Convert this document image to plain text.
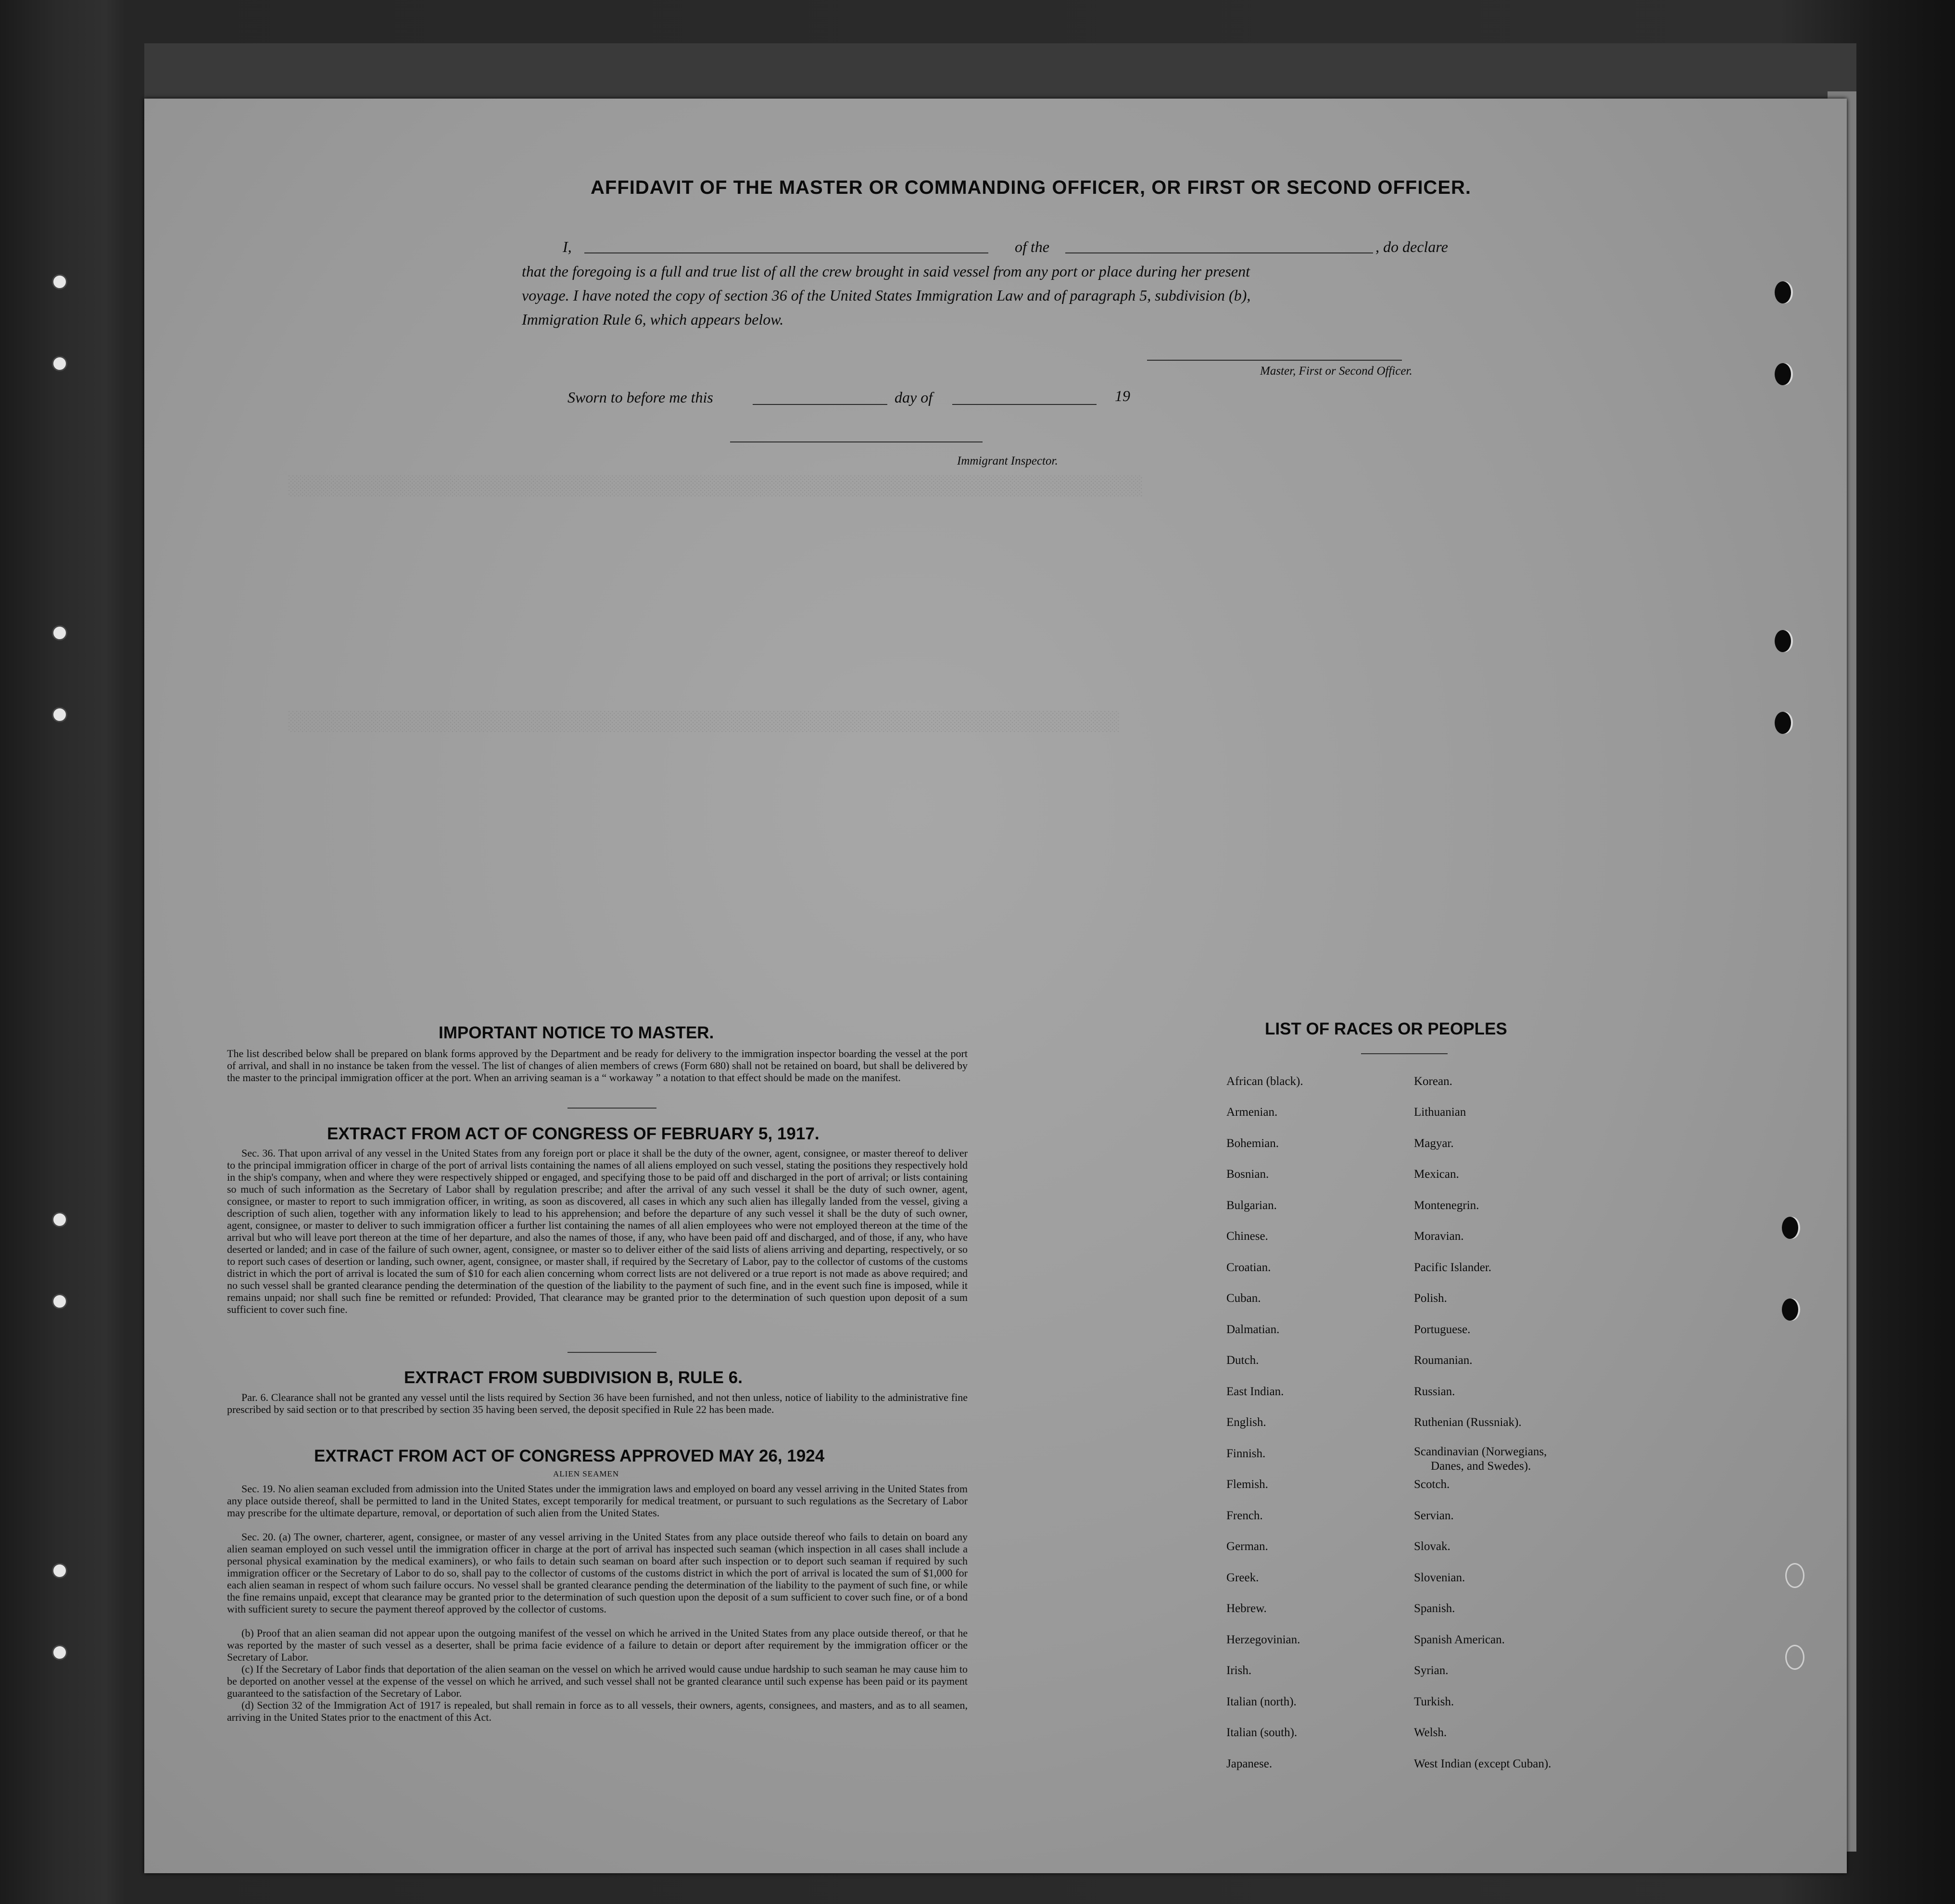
░░░░░░░░░░░░░░░░░░░░░░░░░░░░░░░░░░░░░░░░░░░░░░░░░░░░░░░░░░░░░░░░░░░░░░░░░░
░░░░░░░░░░░░░░░░░░░░░░░░░░░░░░░░░░░░░░░░░░░░░░░░░░░░░░░░░░░░░░░░░░░░░░░░
AFFIDAVIT OF THE MASTER OR COMMANDING OFFICER, OR FIRST OR SECOND OFFICER.
I,	of the	, do declare
that the foregoing is a full and true list of all the crew brought in said vessel from any port or place during her present
voyage. I have noted the copy of section 36 of the United States Immigration Law and of paragraph 5, subdivision (b),
Immigration Rule 6, which appears below.
Master, First or Second Officer.
Sworn to before me this	day of	19
Immigrant Inspector.
IMPORTANT NOTICE TO MASTER.
The list described below shall be prepared on blank forms approved by the Department and be ready for delivery to the immigration inspector boarding the vessel at the port of arrival, and shall in no instance be taken from the vessel. The list of changes of alien members of crews (Form 680) shall not be retained on board, but shall be delivered by the master to the principal immigration officer at the port. When an arriving seaman is a “ workaway ” a notation to that effect should be made on the manifest.
EXTRACT FROM ACT OF CONGRESS OF FEBRUARY 5, 1917.
Sec. 36. That upon arrival of any vessel in the United States from any foreign port or place it shall be the duty of the owner, agent, consignee, or master thereof to deliver to the principal immigration officer in charge of the port of arrival lists containing the names of all aliens employed on such vessel, stating the positions they respectively hold in the ship's company, when and where they were respectively shipped or engaged, and specifying those to be paid off and discharged in the port of arrival; or lists containing so much of such information as the Secretary of Labor shall by regulation prescribe; and after the arrival of any such vessel it shall be the duty of such owner, agent, consignee, or master to report to such immigration officer, in writing, as soon as discovered, all cases in which any such alien has illegally landed from the vessel, giving a description of such alien, together with any information likely to lead to his apprehension; and before the departure of any such vessel it shall be the duty of such owner, agent, consignee, or master to deliver to such immigration officer a further list containing the names of all alien employees who were not employed thereon at the time of the arrival but who will leave port thereon at the time of her departure, and also the names of those, if any, who have been paid off and discharged, and of those, if any, who have deserted or landed; and in case of the failure of such owner, agent, consignee, or master so to deliver either of the said lists of aliens arriving and departing, respectively, or so to report such cases of desertion or landing, such owner, agent, consignee, or master shall, if required by the Secretary of Labor, pay to the collector of customs of the customs district in which the port of arrival is located the sum of $10 for each alien concerning whom correct lists are not delivered or a true report is not made as above required; and no such vessel shall be granted clearance pending the determination of the question of the liability to the payment of such fine, and in the event such fine is imposed, while it remains unpaid; nor shall such fine be remitted or refunded: Provided, That clearance may be granted prior to the determination of such question upon deposit of a sum sufficient to cover such fine.
EXTRACT FROM SUBDIVISION B, RULE 6.
Par. 6. Clearance shall not be granted any vessel until the lists required by Section 36 have been furnished, and not then unless, notice of liability to the administrative fine prescribed by said section or to that prescribed by section 35 having been served, the deposit specified in Rule 22 has been made.
EXTRACT FROM ACT OF CONGRESS APPROVED MAY 26, 1924
ALIEN SEAMEN
Sec. 19. No alien seaman excluded from admission into the United States under the immigration laws and employed on board any vessel arriving in the United States from any place outside thereof, shall be permitted to land in the United States, except temporarily for medical treatment, or pursuant to such regulations as the Secretary of Labor may prescribe for the ultimate departure, removal, or deportation of such alien from the United States.
Sec. 20. (a) The owner, charterer, agent, consignee, or master of any vessel arriving in the United States from any place outside thereof who fails to detain on board any alien seaman employed on such vessel until the immigration officer in charge at the port of arrival has inspected such seaman (which inspection in all cases shall include a personal physical examination by the medical examiners), or who fails to detain such seaman on board after such inspection or to deport such seaman if required by such immigration officer or the Secretary of Labor to do so, shall pay to the collector of customs of the customs district in which the port of arrival is located the sum of $1,000 for each alien seaman in respect of whom such failure occurs. No vessel shall be granted clearance pending the determination of the liability to the payment of such fine, or while the fine remains unpaid, except that clearance may be granted prior to the determination of such question upon the deposit of a sum sufficient to cover such fine, or of a bond with sufficient surety to secure the payment thereof approved by the collector of customs.
(b) Proof that an alien seaman did not appear upon the outgoing manifest of the vessel on which he arrived in the United States from any place outside thereof, or that he was reported by the master of such vessel as a deserter, shall be prima facie evidence of a failure to detain or deport after requirement by the immigration officer or the Secretary of Labor.
(c) If the Secretary of Labor finds that deportation of the alien seaman on the vessel on which he arrived would cause undue hardship to such seaman he may cause him to be deported on another vessel at the expense of the vessel on which he arrived, and such vessel shall not be granted clearance until such expense has been paid or its payment guaranteed to the satisfaction of the Secretary of Labor.
(d) Section 32 of the Immigration Act of 1917 is repealed, but shall remain in force as to all vessels, their owners, agents, consignees, and masters, and as to all seamen, arriving in the United States prior to the enactment of this Act.
LIST OF RACES OR PEOPLES
African (black).
Armenian.
Bohemian.
Bosnian.
Bulgarian.
Chinese.
Croatian.
Cuban.
Dalmatian.
Dutch.
East Indian.
English.
Finnish.
Flemish.
French.
German.
Greek.
Hebrew.
Herzegovinian.
Irish.
Italian (north).
Italian (south).
Japanese.
Korean.
Lithuanian
Magyar.
Mexican.
Montenegrin.
Moravian.
Pacific Islander.
Polish.
Portuguese.
Roumanian.
Russian.
Ruthenian (Russniak).
Scandinavian (Norwegians,
Danes, and Swedes).
Scotch.
Servian.
Slovak.
Slovenian.
Spanish.
Spanish American.
Syrian.
Turkish.
Welsh.
West Indian (except Cuban).
